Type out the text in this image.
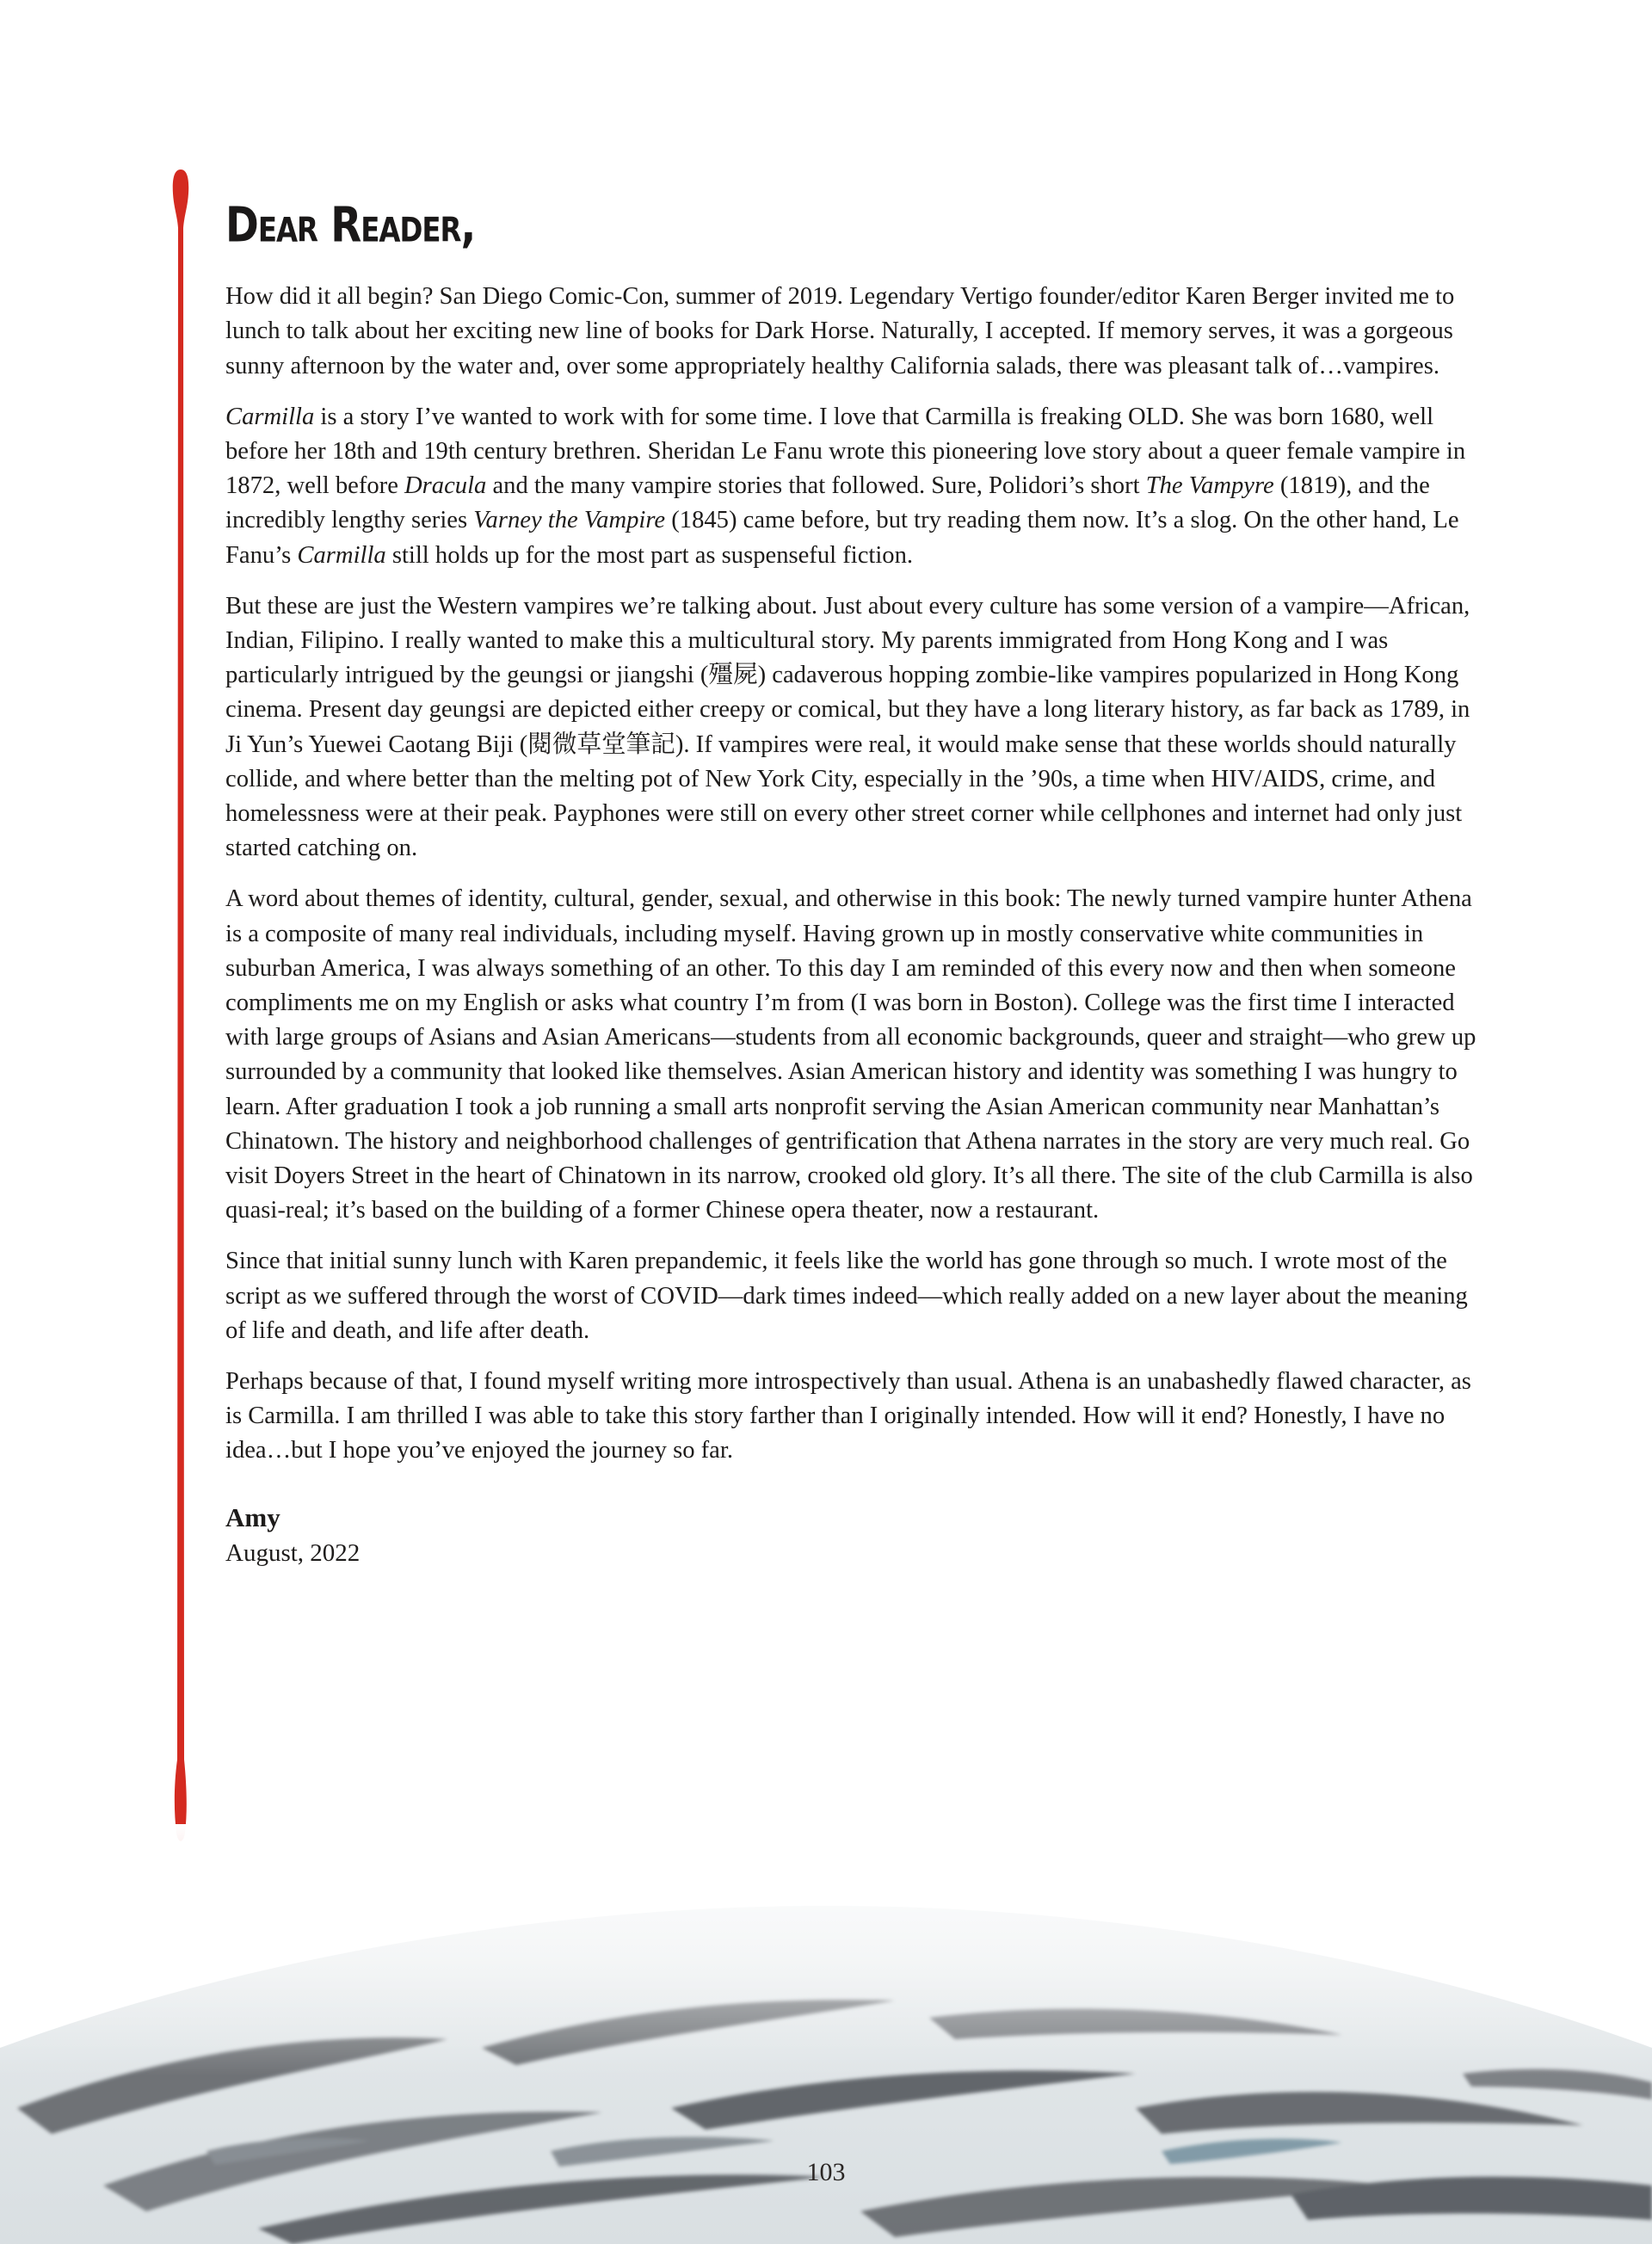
Dear Reader,

How did it all begin? San Diego Comic-Con, summer of 2019. Legendary Vertigo founder/editor Karen Berger invited me to lunch to talk about her exciting new line of books for Dark Horse. Naturally, I accepted. If memory serves, it was a gorgeous sunny afternoon by the water and, over some appropriately healthy California salads, there was pleasant talk of…vampires.

Carmilla is a story I’ve wanted to work with for some time. I love that Carmilla is freaking OLD. She was born 1680, well before her 18th and 19th century brethren. Sheridan Le Fanu wrote this pioneering love story about a queer female vampire in 1872, well before Dracula and the many vampire stories that followed. Sure, Polidori’s short The Vampyre (1819), and the incredibly lengthy series Varney the Vampire (1845) came before, but try reading them now. It’s a slog. On the other hand, Le Fanu’s Carmilla still holds up for the most part as suspenseful fiction.

But these are just the Western vampires we’re talking about. Just about every culture has some version of a vampire—African, Indian, Filipino. I really wanted to make this a multicultural story. My parents immigrated from Hong Kong and I was particularly intrigued by the geungsi or jiangshi (殭屍) cadaverous hopping zombie-like vampires popularized in Hong Kong cinema. Present day geungsi are depicted either creepy or comical, but they have a long literary history, as far back as 1789, in Ji Yun’s Yuewei Caotang Biji (閱微草堂筆記). If vampires were real, it would make sense that these worlds should naturally collide, and where better than the melting pot of New York City, especially in the ’90s, a time when HIV/AIDS, crime, and homelessness were at their peak. Payphones were still on every other street corner while cellphones and internet had only just started catching on.

A word about themes of identity, cultural, gender, sexual, and otherwise in this book: The newly turned vampire hunter Athena is a composite of many real individuals, including myself. Having grown up in mostly conservative white communities in suburban America, I was always something of an other. To this day I am reminded of this every now and then when someone compliments me on my English or asks what country I’m from (I was born in Boston). College was the first time I interacted with large groups of Asians and Asian Americans—students from all economic backgrounds, queer and straight—who grew up surrounded by a community that looked like themselves. Asian American history and identity was something I was hungry to learn. After graduation I took a job running a small arts nonprofit serving the Asian American community near Manhattan’s Chinatown. The history and neighborhood challenges of gentrification that Athena narrates in the story are very much real. Go visit Doyers Street in the heart of Chinatown in its narrow, crooked old glory. It’s all there. The site of the club Carmilla is also quasi-real; it’s based on the building of a former Chinese opera theater, now a restaurant.

Since that initial sunny lunch with Karen prepandemic, it feels like the world has gone through so much. I wrote most of the script as we suffered through the worst of COVID—dark times indeed—which really added on a new layer about the meaning of life and death, and life after death.

Perhaps because of that, I found myself writing more introspectively than usual. Athena is an unabashedly flawed character, as is Carmilla. I am thrilled I was able to take this story farther than I originally intended. How will it end? Honestly, I have no idea…but I hope you’ve enjoyed the journey so far.

Amy
August, 2022
103
